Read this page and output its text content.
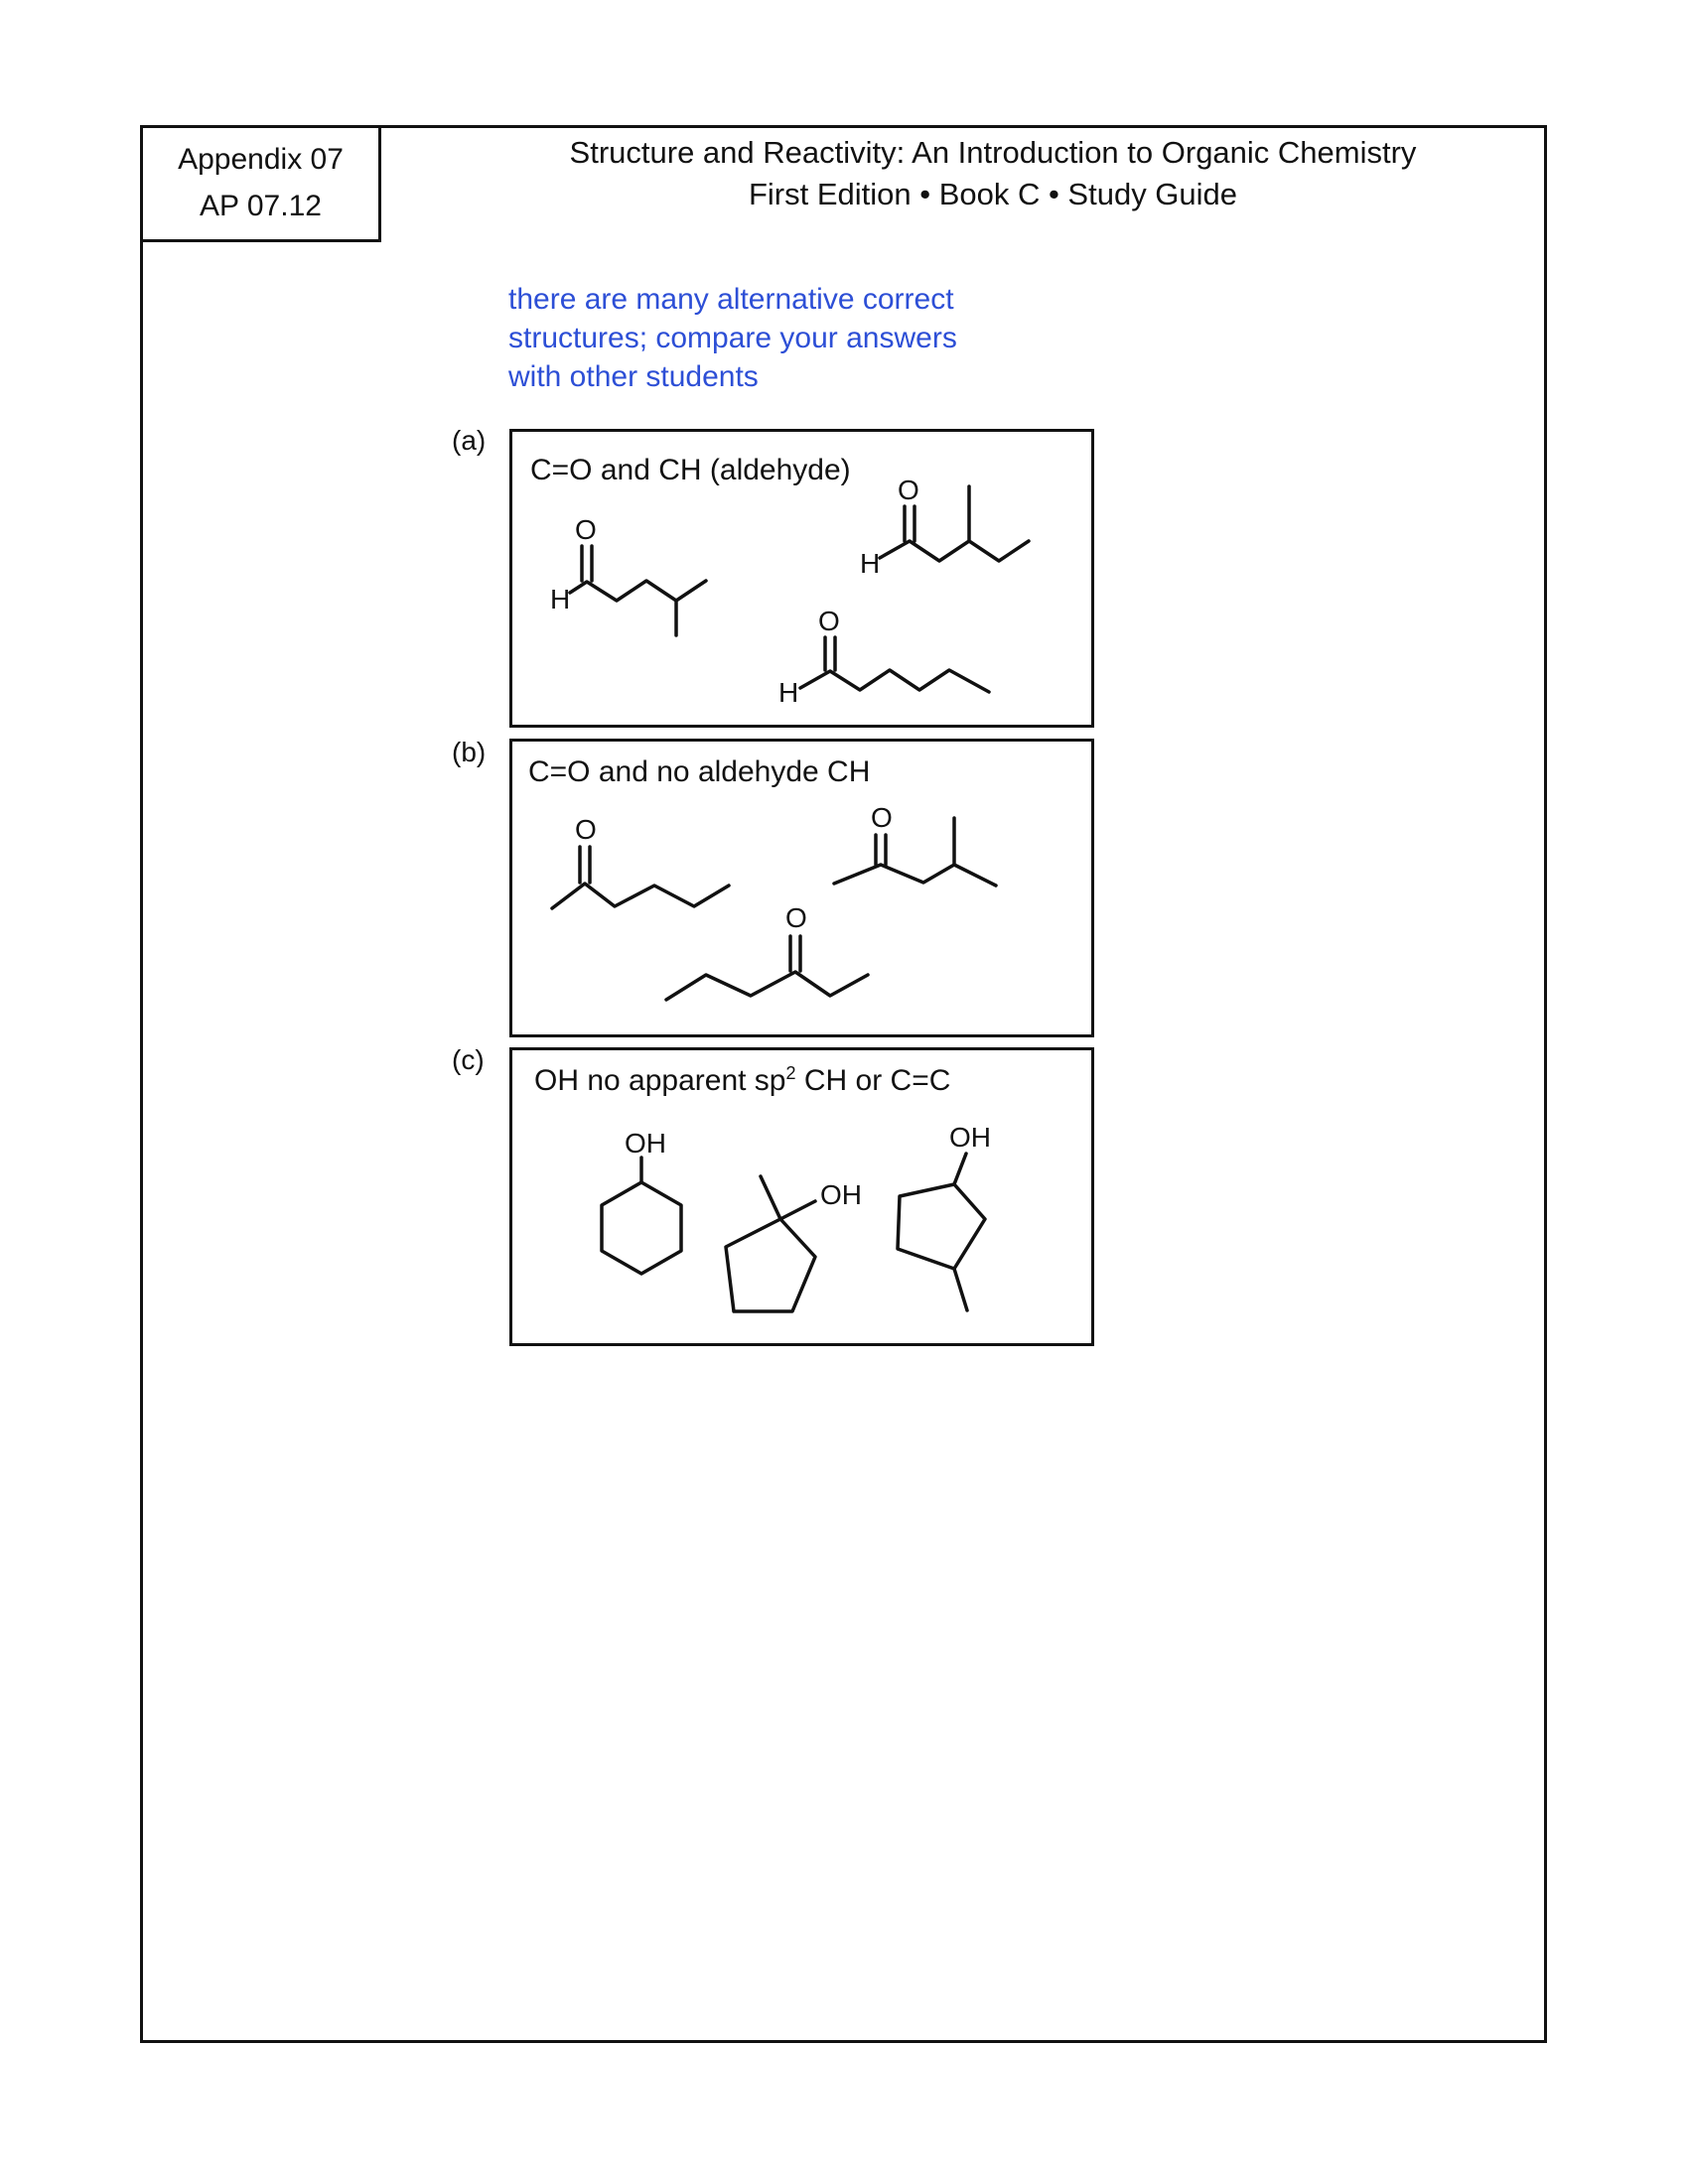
Appendix 07
AP 07.12
Structure and Reactivity: An Introduction to Organic Chemistry
First Edition • Book C • Study Guide
there are many alternative correct
structures; compare your answers
with other students
(a)
C=O and CH (aldehyde)
O
H
O
H
O
H
(b)
C=O and no aldehyde CH
O	O
O
(c)
OH no apparent $sp^2$ CH or C=C
OH
OH
OH
